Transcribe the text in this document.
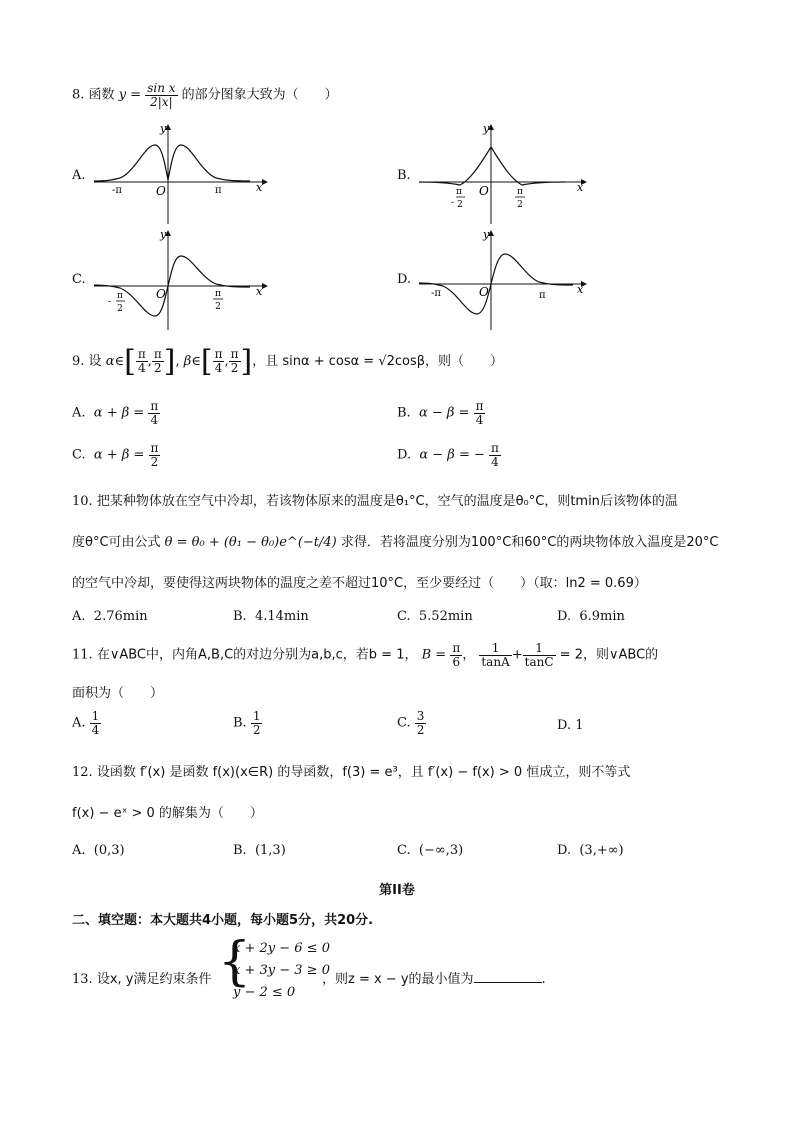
8. 函数 $y = \frac{\text{sin x}}{2|x|}$ 的部分图象大致为（　　）
A.
-π	π
O	x
y
B.
π
- 2
π
2
O	x
y
C.
π
-
2
π
2
O	x
y
D.
-π	π
O	x
y
9. 设 α∈[ $\frac{\pi}{4}$ , $\frac{\pi}{2}$ ], β∈[ $\frac{\pi}{4}$ , $\frac{\pi}{2}$ ]，且 sinα + cosα = √2cosβ，则（　　）
A. $\alpha + \beta = \frac{\pi}{4}$	B. $\alpha - \beta = \frac{\pi}{4}$
C. $\alpha + \beta = \frac{\pi}{2}$	D. α − β = − $\frac{\pi}{4}$
10. 把某种物体放在空气中冷却，若该物体原来的温度是θ₁°C，空气的温度是θ₀°C，则tmin后该物体的温
度θ°C可由公式 θ = θ₀ + (θ₁ − θ₀)e^(−t/4) 求得．若将温度分别为100°C和60°C的两块物体放入温度是20°C
的空气中冷却，要使得这两块物体的温度之差不超过10°C，至少要经过（　　）（取：ln2 = 0.69）
A. 2.76min	B. 4.14min	C. 5.52min	D. 6.9min
11. 在∨ABC中，内角A,B,C的对边分别为a,b,c，若b = 1， $B = \frac{\pi}{6}$ ， $\frac{1}{\tan A} + \frac{1}{\tan C} = 2$，则∨ABC的
面积为（　　）
A. $\frac{1}{4}$	B. $\frac{1}{2}$	C. $\frac{3}{2}$	D. 1
12. 设函数 f′(x) 是函数 f(x)(x∈R) 的导函数，f(3) = e³，且 f′(x) − f(x) > 0 恒成立，则不等式
f(x) − eˣ > 0 的解集为（　　）
A. (0,3)	B. (1,3)	C. (−∞,3)	D. (3,+∞)
第II卷
二、填空题：本大题共4小题，每小题5分，共20分.
13. 设x, y满足约束条件 {
x + 2y − 6 ≤ 0
x + 3y − 3 ≥ 0
y − 2 ≤ 0
，则z = x − y的最小值为	.
